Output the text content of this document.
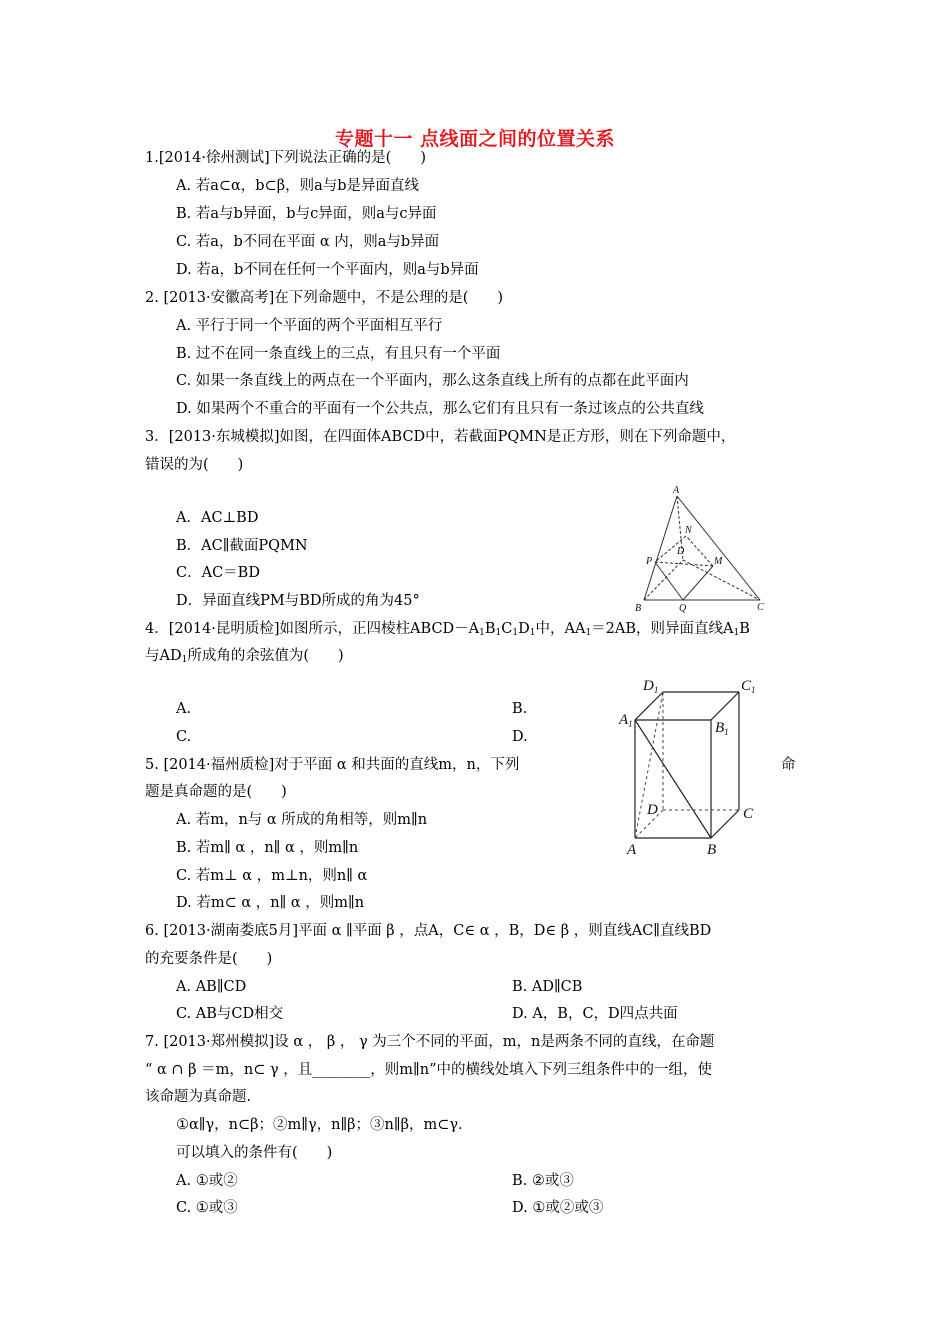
专题十一 点线面之间的位置关系
1.[2014·徐州测试]下列说法正确的是(　　)
A. 若a⊂α，b⊂β，则a与b是异面直线
B. 若a与b异面，b与c异面，则a与c异面
C. 若a，b不同在平面 α 内，则a与b异面
D. 若a，b不同在任何一个平面内，则a与b异面
2. [2013·安徽高考]在下列命题中，不是公理的是(　　)
A. 平行于同一个平面的两个平面相互平行
B. 过不在同一条直线上的三点，有且只有一个平面
C. 如果一条直线上的两点在一个平面内，那么这条直线上所有的点都在此平面内
D. 如果两个不重合的平面有一个公共点，那么它们有且只有一条过该点的公共直线
3．[2013·东城模拟]如图，在四面体ABCD中，若截面PQMN是正方形，则在下列命题中，
错误的为(　　)
A．AC⊥BD
B．AC∥截面PQMN
C．AC＝BD
D．异面直线PM与BD所成的角为45°
A
B	C
D
P
Q
M
N
4．[2014·昆明质检]如图所示，正四棱柱$ABCD-A_1B_1C_1D_1$中，$AA_1=2AB$，则异面直线$A_1B$
与$AD_1$所成角的余弦值为(　　)
A.	B.
C.	D.
$D_1$	$C_1$
$A_1$	$B_1$
D	C
A	B
5. [2014·福州质检]对于平面 α 和共面的直线m，n，下列	命
题是真命题的是(　　)
A. 若m，n与 α 所成的角相等，则m∥n
B. 若m∥ α ，n∥ α ，则m∥n
C. 若m⊥ α ，m⊥n，则n∥ α
D. 若m⊂ α ，n∥ α ，则m∥n
6. [2013·湖南娄底5月]平面 α ∥平面 β ，点A，C∈ α ，B，D∈ β ，则直线AC∥直线BD
的充要条件是(　　)
A. AB∥CD	B. AD∥CB
C. AB与CD相交	D. A，B，C，D四点共面
7. [2013·郑州模拟]设 α ， β ， γ 为三个不同的平面，m，n是两条不同的直线，在命题
“ α ∩ β ＝m，n⊂ γ ，且________，则m∥n”中的横线处填入下列三组条件中的一组，使
该命题为真命题.
①α∥γ，n⊂β；②m∥γ，n∥β；③n∥β，m⊂γ.
可以填入的条件有(　　)
A. ①或②	B. ②或③
C. ①或③	D. ①或②或③
